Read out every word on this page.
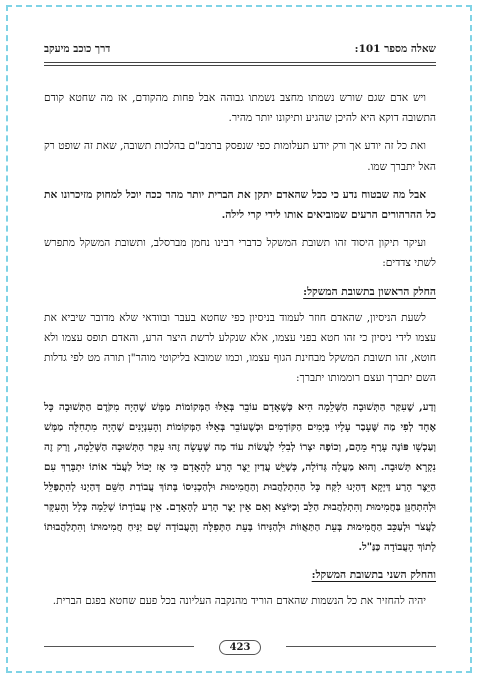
שאלה מספר 101:
דרך כוכב מיעקב

ויש אדם שגם שורש נשמתו מחצב נשמתו גבוהה אבל פחות מהקודם, אז מה שחטא קודם התשובה דוקא היא להיכן שהגיע ותיקונו יותר מהיר.

ואת כל זה יודע אך ורק יודע תעלומות כפי שנפסק ברמב"ם בהלכות תשובה, שאת זה שופט רק האל יתברך שמו.

אבל מה שבטוח נדע כי ככל שהאדם יתקן את הברית יותר מהר ככה יוכל למחוק מזיכרונו את כל ההרהורים הרעים שמוביאים אותו לידי קרי לילה.

ועיקר תיקון היסוד זהו תשובת המשקל כדברי רבינו נחמן מברסלב, ותשובת המשקל מתפרש לשתי צדדים:

החלק הראשון בתשובת המשקל:

לשעת הניסיון, שהאדם חוזר לעמוד בניסיון כפי שחטא בעבר ובוודאי שלא מדובר שיביא את עצמו לידי ניסיון כי זהו חטא בפני עצמו, אלא שנקלע לרשת היצר הרע, והאדם תופס עצמו ולא חוטא, זהו תשובת המשקל מבחינת הגוף עצמו, וכמו שמובא בליקוטי מוהר"ן תורה מט לפי גדלות השם יתברך ועצם רוממותו יתברך:

וְדַע, שֶׁעִקַּר הַתְּשׁוּבָה הַשְּׁלֵמָה הִיא כְּשֶׁאָדָם עוֹבֵר בְּאֵלּוּ הַמְּקוֹמוֹת מַמָּשׁ שֶׁהָיָה מִקֹּדֶם הַתְּשׁוּבָה כָּל אֶחָד לְפִי מַה שֶּׁעָבַר עָלָיו בְּיָמִים הַקּוֹדְמִים וּכְשֶׁעוֹבֵר בְּאֵלּוּ הַמְּקוֹמוֹת וְהָעִנְיָנִים שֶׁהָיָה מִתְחִלָּה מַמָּשׁ וְעַכְשָׁו פּוֹנֶה עָרֶף מֵהֶם, וְכוֹפֶה יִצְרוֹ לְבִלִי לַעֲשׂוֹת עוֹד מַה שֶּׁעָשָׂה זֶהוּ עִקַּר הַתְּשׁוּבָה הַשְּׁלֵמָה, וְרַק זֶה נִקְרָא תְּשׁוּבָה. וְהוּא מַעֲלָה גְּדוֹלָה, כְּשֶׁיֵּשׁ עֲדַיִן יֵצֶר הָרַע לְהָאָדָם כִּי אָז יָכוֹל לַעֲבֹד אוֹתוֹ יִתְבָּרַךְ עִם הַיֵּצֶר הָרַע דַּיְקָא דְּהַיְנוּ לִקַּח כָּל הַהִתְלַהֲבוּת וְהַחֲמִימוּת וּלְהַכְנִיסוֹ בְּתוֹךְ עֲבוֹדַת הַשֵּׁם דְּהַיְנוּ לְהִתְפַּלֵּל וּלְהִתְחַנֵּן בַּחֲמִימוּת וְהִתְלַהֲבוּת הַלֵּב וְכַיּוֹצֵא וְאִם אֵין יֵצֶר הָרַע לְהָאָדָם. אֵין עֲבוֹדָתוֹ שְׁלֵמָה כְּלָל וְהָעִקָּר לַעֲצֹר וּלְעַכֵּב הַחֲמִימוּת בְּעֵת הַתַּאֲווֹת וּלְהַנִּיחוֹ בְּעֵת הַתְּפִלָּה וְהָעֲבוֹדָה שָׁם יַנִּיחַ חֲמִימוּתוֹ וְהִתְלַהֲבוּתוֹ לְתוֹךְ הָעֲבוֹדָה כַּנַּ"ל.

והחלק השני בתשובת המשקל:

יהיה להחזיר את כל הנשמות שהאדם הוריד מהנקבה העליונה בכל פעם שחטא בפגם הברית.

423
